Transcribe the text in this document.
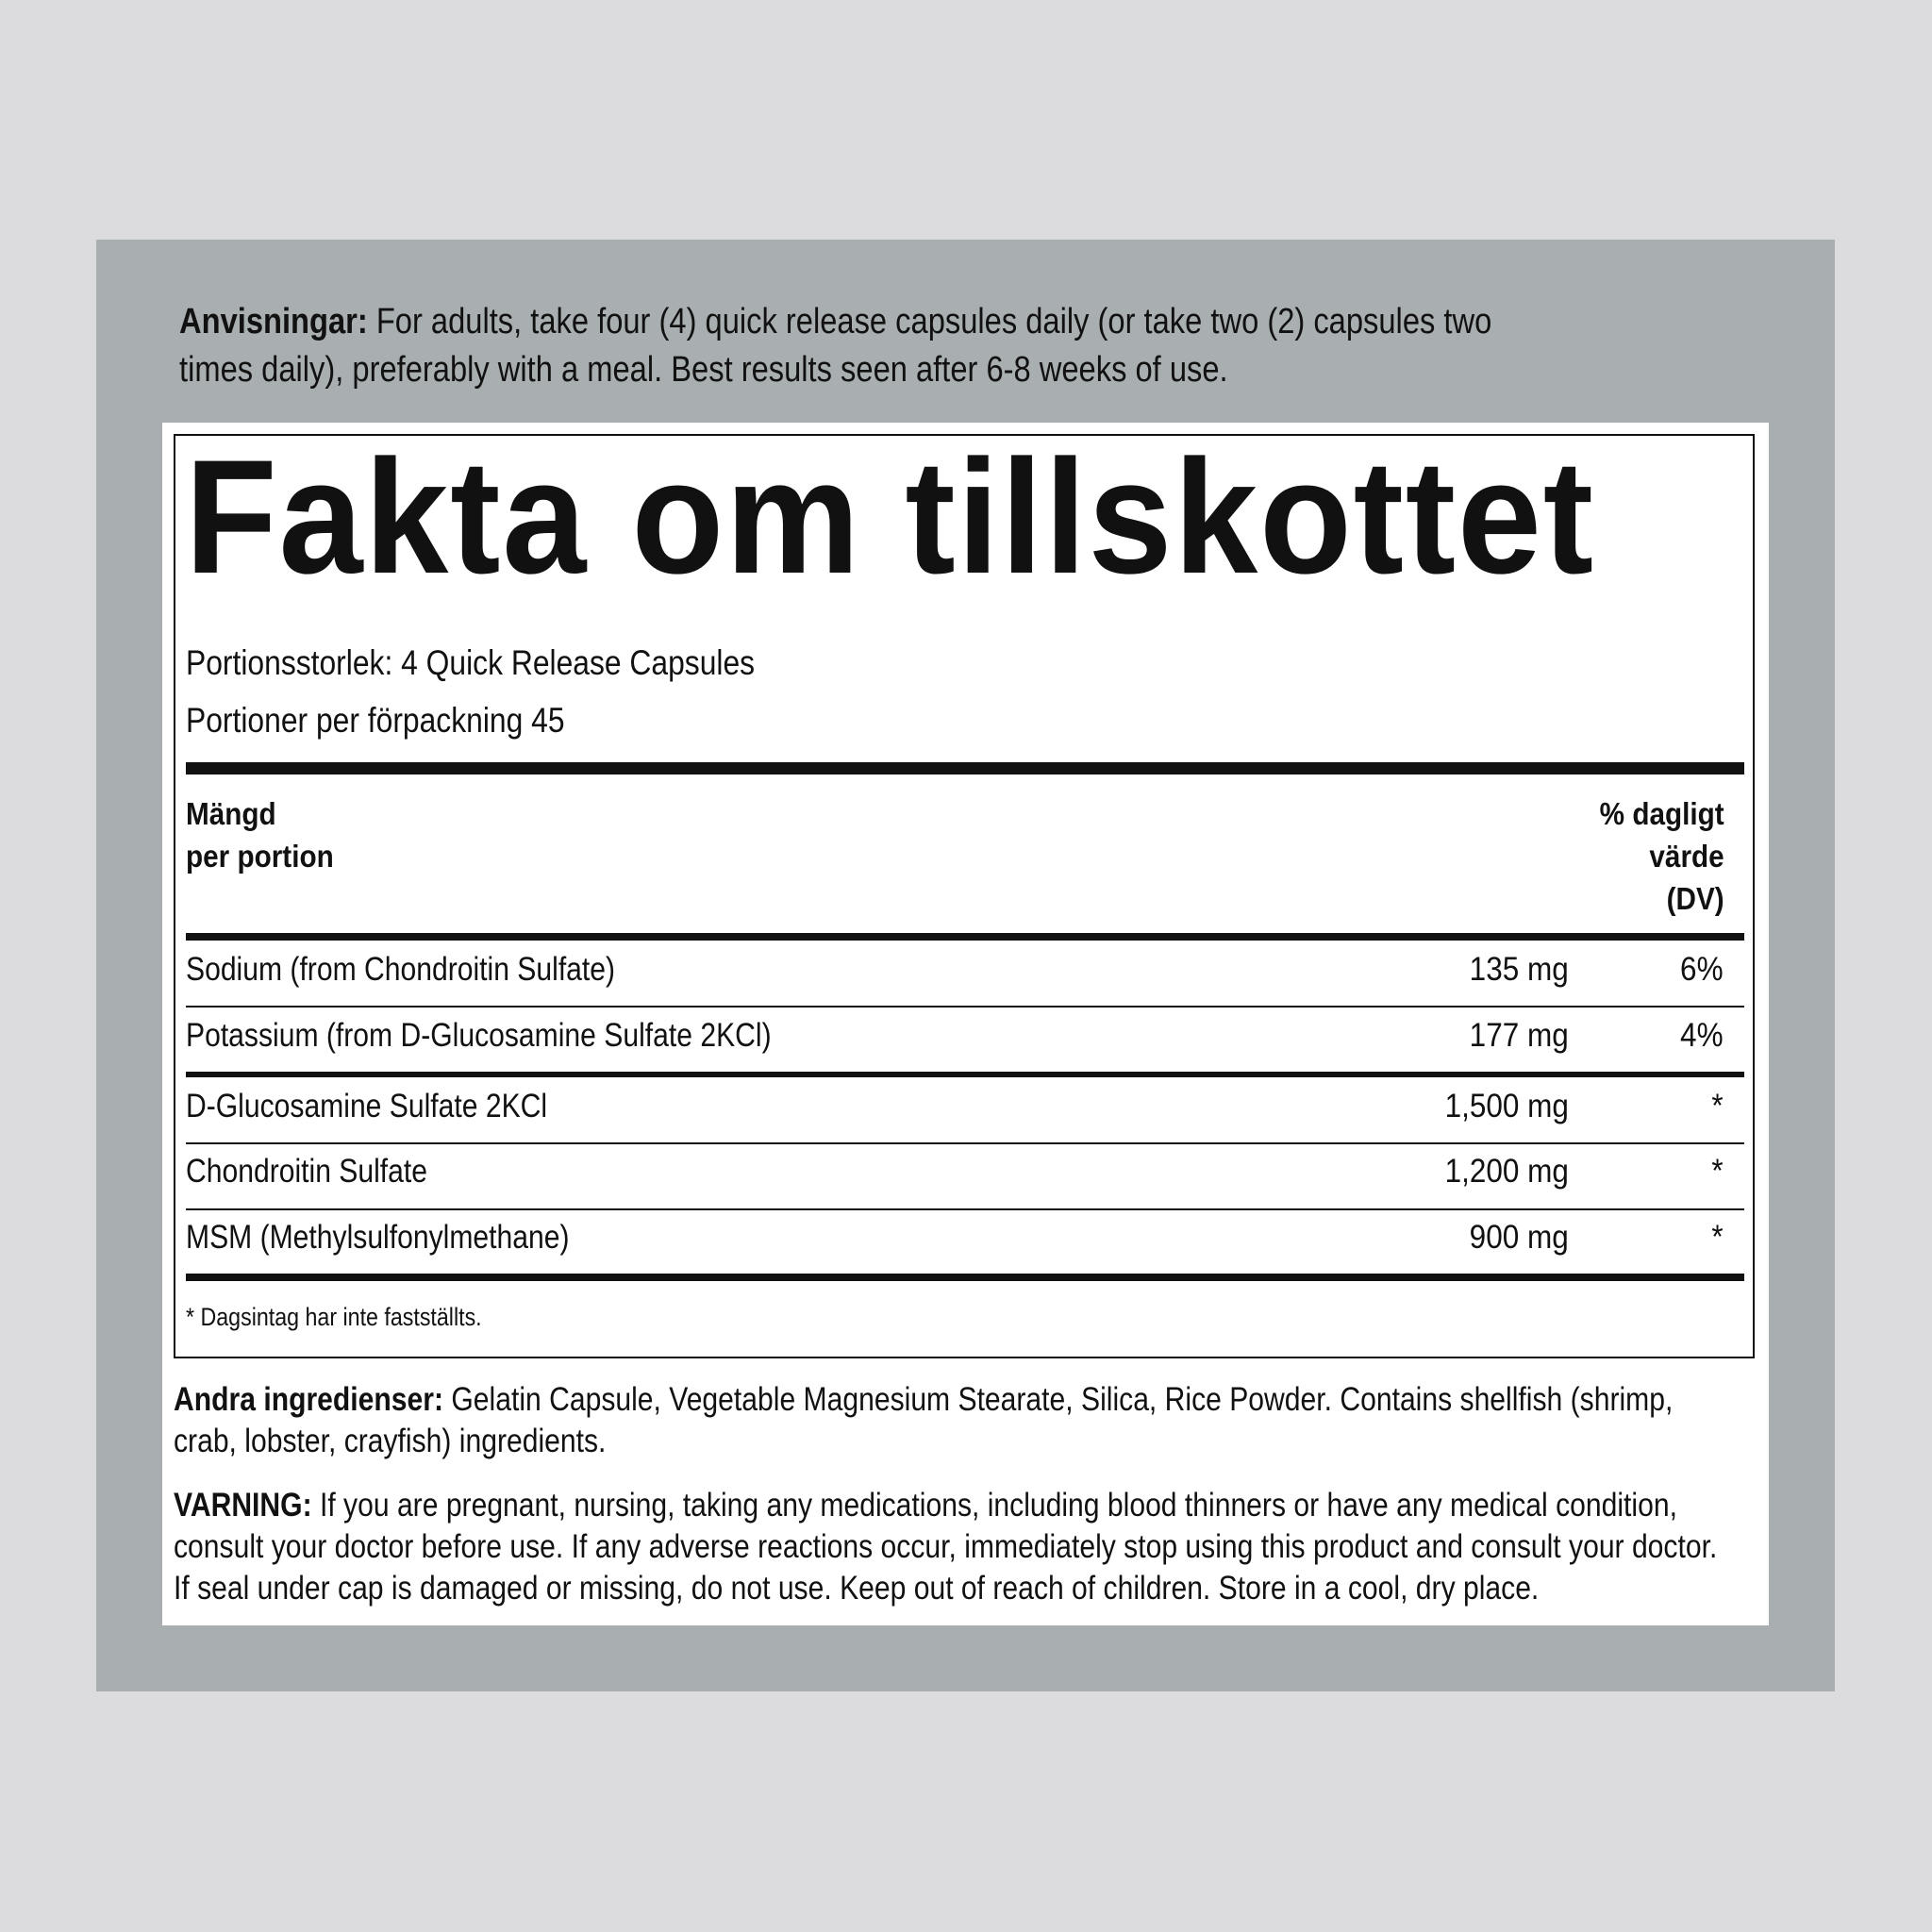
Anvisningar: For adults, take four (4) quick release capsules daily (or take two (2) capsules two times daily), preferably with a meal. Best results seen after 6-8 weeks of use.
Fakta om tillskottet
Portionsstorlek: 4 Quick Release Capsules
Portioner per förpackning 45
Mängd
per portion
% dagligt
värde
(DV)
Sodium (from Chondroitin Sulfate)	135 mg	6%
Potassium (from D-Glucosamine Sulfate 2KCl)	177 mg	4%
D-Glucosamine Sulfate 2KCl	1,500 mg	*
Chondroitin Sulfate	1,200 mg	*
MSM (Methylsulfonylmethane)	900 mg	*
* Dagsintag har inte fastställts.
Andra ingredienser: Gelatin Capsule, Vegetable Magnesium Stearate, Silica, Rice Powder. Contains shellfish (shrimp, crab, lobster, crayfish) ingredients.
VARNING: If you are pregnant, nursing, taking any medications, including blood thinners or have any medical condition, consult your doctor before use. If any adverse reactions occur, immediately stop using this product and consult your doctor. If seal under cap is damaged or missing, do not use. Keep out of reach of children. Store in a cool, dry place.
